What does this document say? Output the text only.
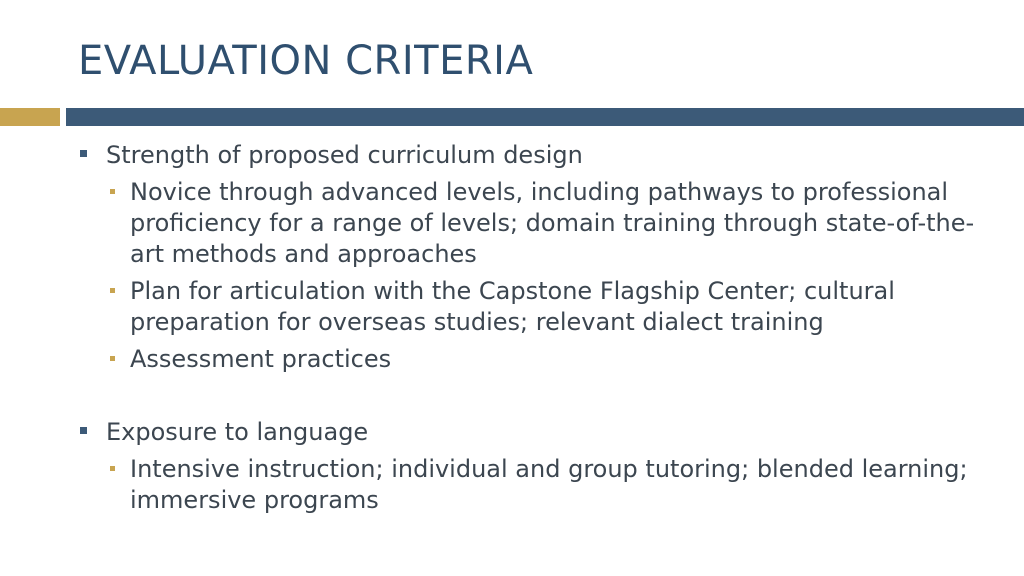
EVALUATION CRITERIA
Strength of proposed curriculum design
Novice through advanced levels, including pathways to professional proficiency for a range of levels; domain training through state-of-the-art methods and approaches
Plan for articulation with the Capstone Flagship Center; cultural preparation for overseas studies; relevant dialect training
Assessment practices
Exposure to language
Intensive instruction; individual and group tutoring; blended learning; immersive programs
